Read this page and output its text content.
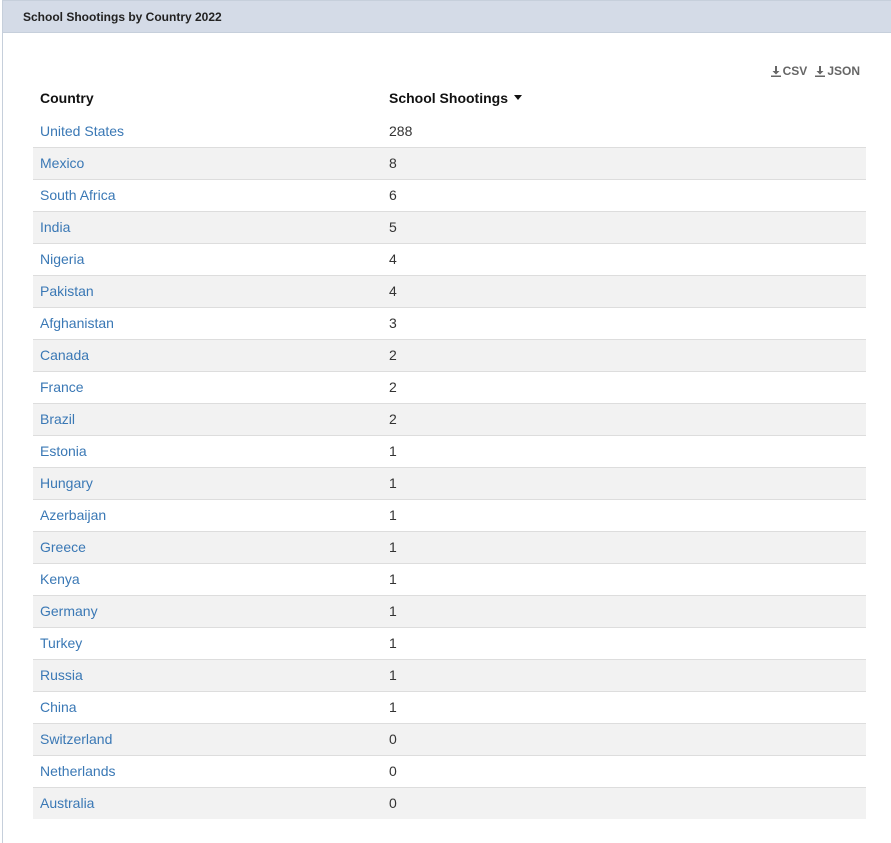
School Shootings by Country 2022
CSV JSON
Country	School Shootings
United States	288
Mexico	8
South Africa	6
India	5
Nigeria	4
Pakistan	4
Afghanistan	3
Canada	2
France	2
Brazil	2
Estonia	1
Hungary	1
Azerbaijan	1
Greece	1
Kenya	1
Germany	1
Turkey	1
Russia	1
China	1
Switzerland	0
Netherlands	0
Australia	0
